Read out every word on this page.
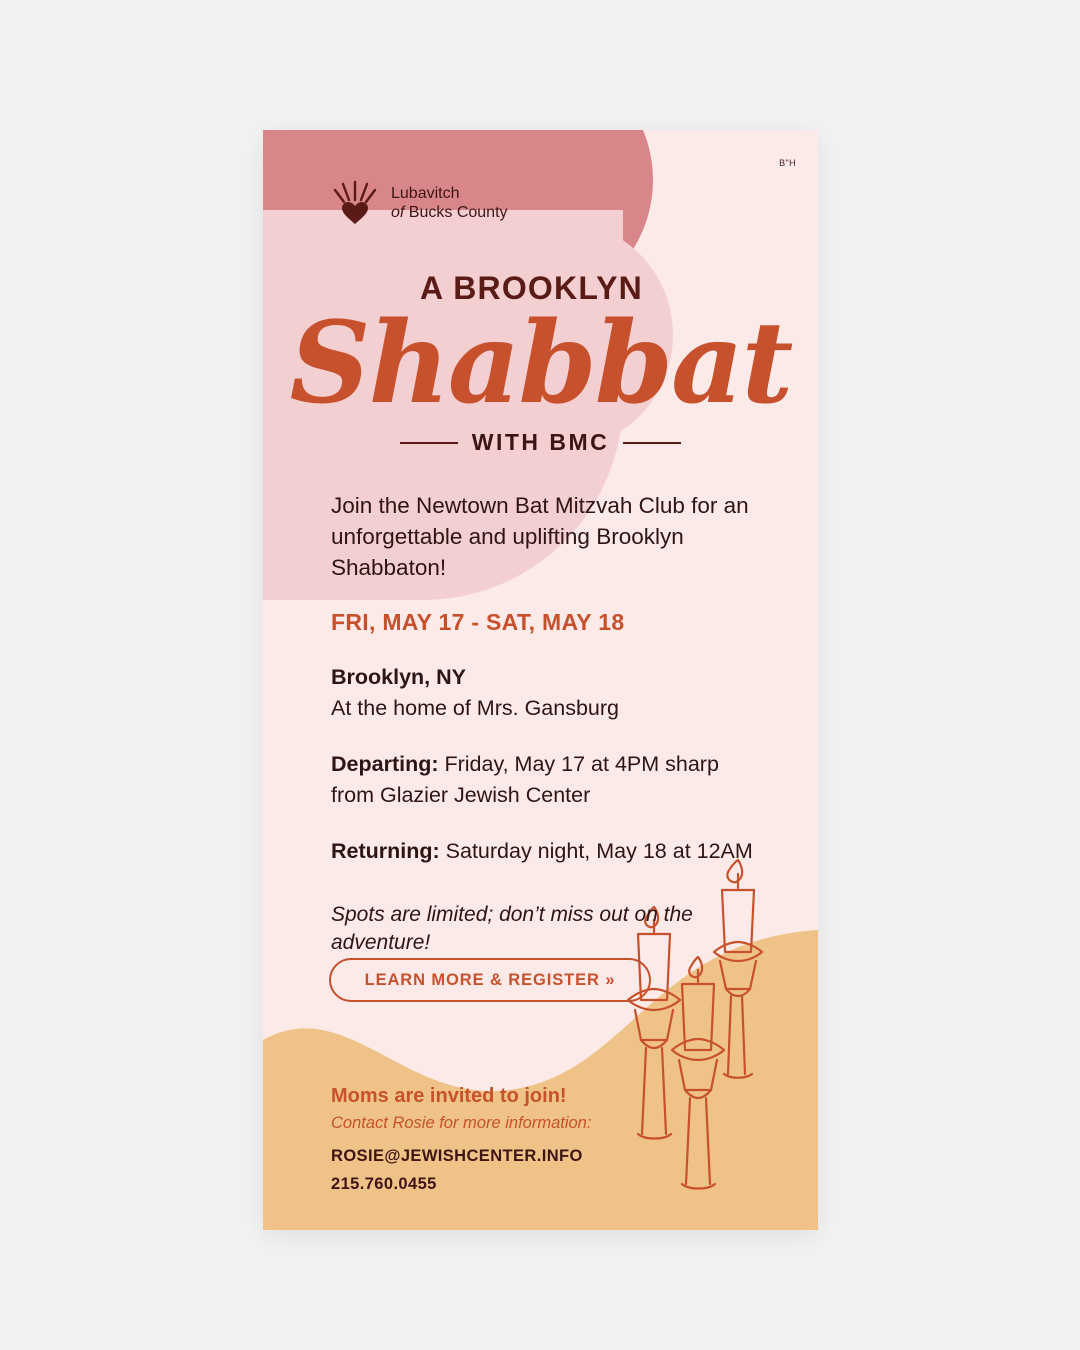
B"H
Lubavitch
of Bucks County
A BROOKLYN
Shabbat
WITH BMC
Join the Newtown Bat Mitzvah Club for an unforgettable and uplifting Brooklyn Shabbaton!
FRI, MAY 17 - SAT, MAY 18
Brooklyn, NY
At the home of Mrs. Gansburg
Departing: Friday, May 17 at 4PM sharp from Glazier Jewish Center
Returning: Saturday night, May 18 at 12AM
Spots are limited; don’t miss out on the adventure!
LEARN MORE & REGISTER »
Moms are invited to join!
Contact Rosie for more information:
ROSIE@JEWISHCENTER.INFO
215.760.0455
